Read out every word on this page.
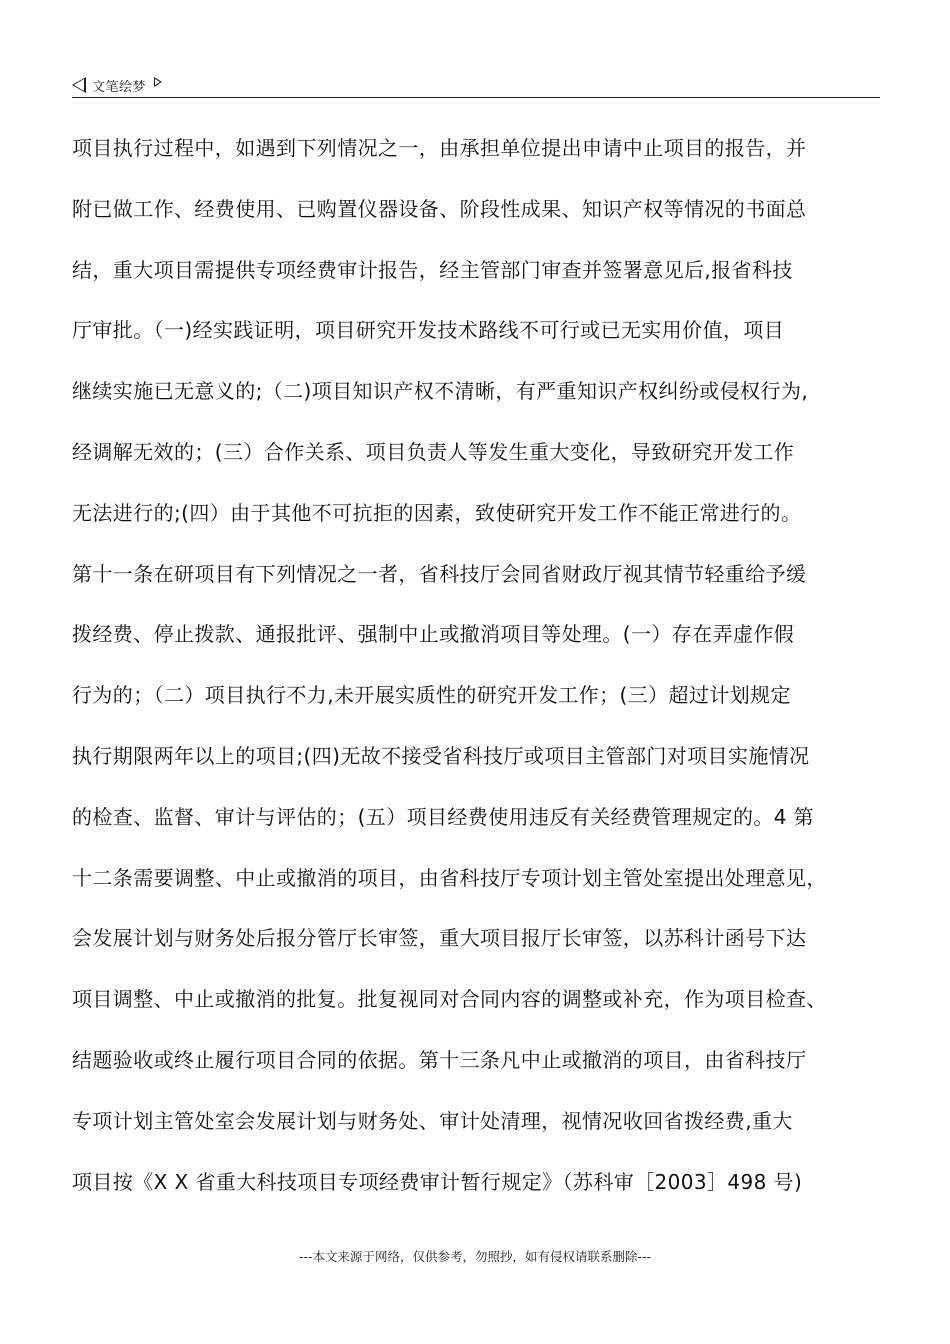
文笔绘梦
项目执行过程中，如遇到下列情况之一，由承担单位提出申请中止项目的报告，并
附已做工作、经费使用、已购置仪器设备、阶段性成果、知识产权等情况的书面总
结，重大项目需提供专项经费审计报告，经主管部门审查并签署意见后,报省科技
厅审批。（一)经实践证明，项目研究开发技术路线不可行或已无实用价值，项目
继续实施已无意义的;（二)项目知识产权不清晰，有严重知识产权纠纷或侵权行为,
经调解无效的；(三）合作关系、项目负责人等发生重大变化，导致研究开发工作
无法进行的;(四）由于其他不可抗拒的因素，致使研究开发工作不能正常进行的。
第十一条在研项目有下列情况之一者，省科技厅会同省财政厅视其情节轻重给予缓
拨经费、停止拨款、通报批评、强制中止或撤消项目等处理。(一）存在弄虚作假
行为的；（二）项目执行不力,未开展实质性的研究开发工作；(三）超过计划规定
执行期限两年以上的项目;(四)无故不接受省科技厅或项目主管部门对项目实施情况
的检查、监督、审计与评估的；(五）项目经费使用违反有关经费管理规定的。4 第
十二条需要调整、中止或撤消的项目，由省科技厅专项计划主管处室提出处理意见，
会发展计划与财务处后报分管厅长审签，重大项目报厅长审签，以苏科计函号下达
项目调整、中止或撤消的批复。批复视同对合同内容的调整或补充，作为项目检查、
结题验收或终止履行项目合同的依据。第十三条凡中止或撤消的项目，由省科技厅
专项计划主管处室会发展计划与财务处、审计处清理，视情况收回省拨经费,重大
项目按《X X 省重大科技项目专项经费审计暂行规定》（苏科审［2003］498 号)
---本文来源于网络，仅供参考，勿照抄，如有侵权请联系删除---
